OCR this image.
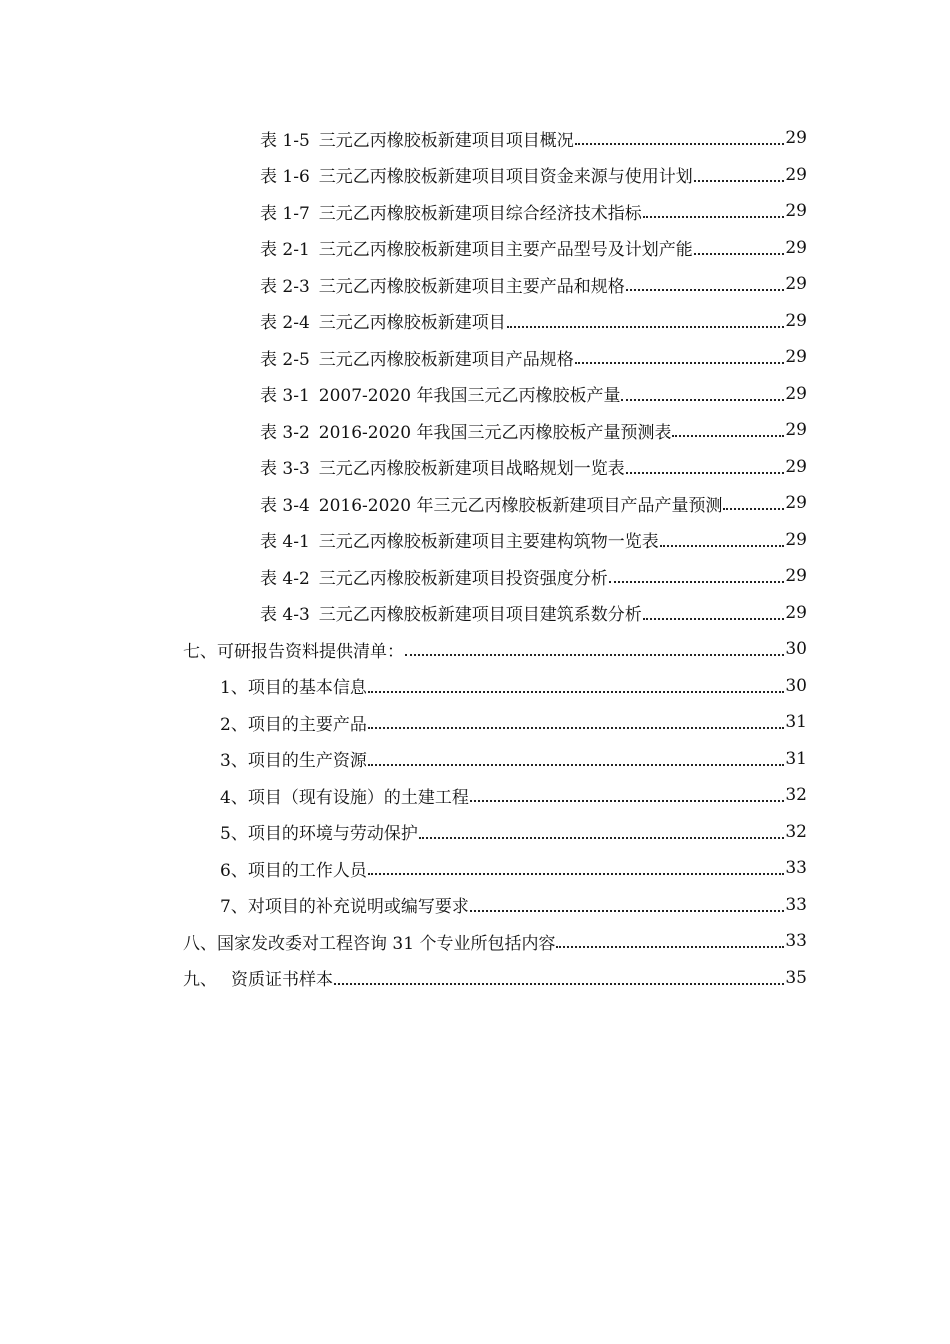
表 1-5 三元乙丙橡胶板新建项目项目概况	29
表 1-6 三元乙丙橡胶板新建项目项目资金来源与使用计划	29
表 1-7 三元乙丙橡胶板新建项目综合经济技术指标	29
表 2-1 三元乙丙橡胶板新建项目主要产品型号及计划产能	29
表 2-3 三元乙丙橡胶板新建项目主要产品和规格	29
表 2-4 三元乙丙橡胶板新建项目	29
表 2-5 三元乙丙橡胶板新建项目产品规格	29
表 3-1 2007-2020 年我国三元乙丙橡胶板产量	29
表 3-2 2016-2020 年我国三元乙丙橡胶板产量预测表	29
表 3-3 三元乙丙橡胶板新建项目战略规划一览表	29
表 3-4 2016-2020 年三元乙丙橡胶板新建项目产品产量预测	29
表 4-1 三元乙丙橡胶板新建项目主要建构筑物一览表	29
表 4-2 三元乙丙橡胶板新建项目投资强度分析	29
表 4-3 三元乙丙橡胶板新建项目项目建筑系数分析	29
七、可研报告资料提供清单：	30
1、项目的基本信息	30
2、项目的主要产品	31
3、项目的生产资源	31
4、项目（现有设施）的土建工程	32
5、项目的环境与劳动保护	32
6、项目的工作人员	33
7、对项目的补充说明或编写要求	33
八、国家发改委对工程咨询 31 个专业所包括内容	33
九、 资质证书样本	35
